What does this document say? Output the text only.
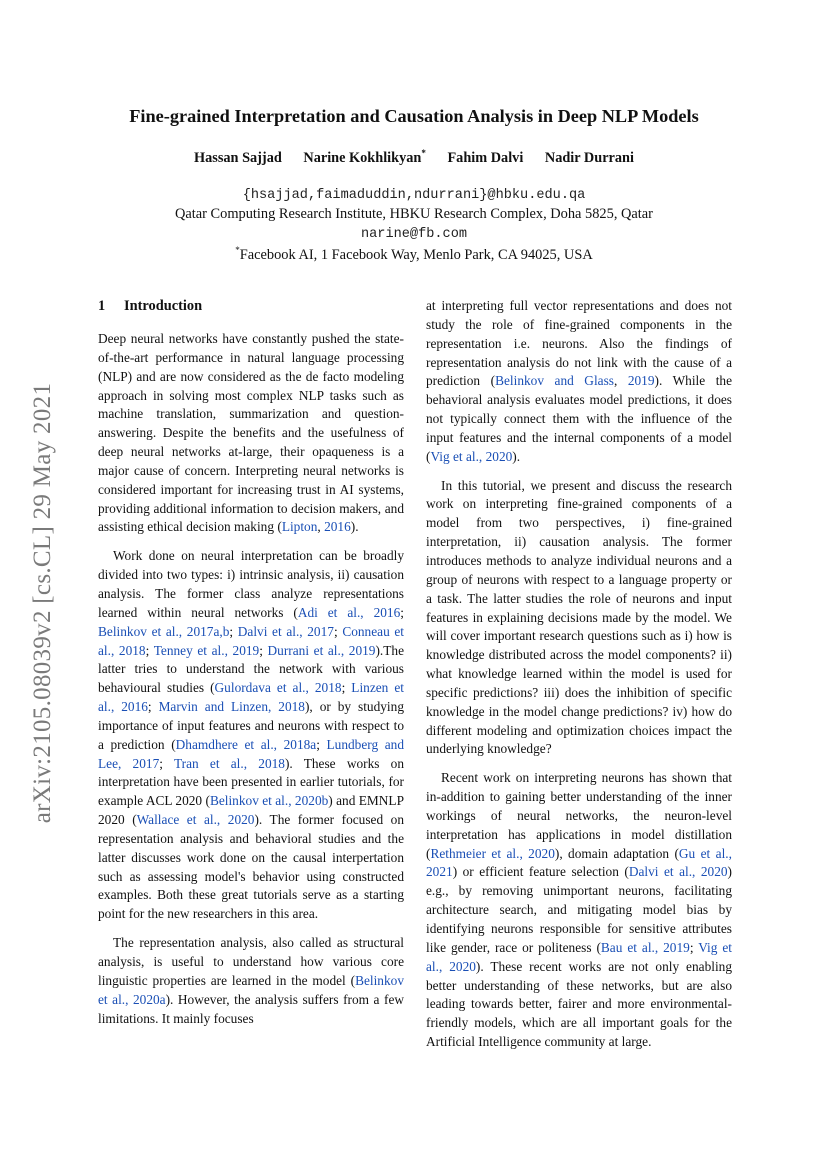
arXiv:2105.08039v2 [cs.CL] 29 May 2021
Fine-grained Interpretation and Causation Analysis in Deep NLP Models
Hassan Sajjad Narine Kokhlikyan* Fahim Dalvi Nadir Durrani
{hsajjad,faimaduddin,ndurrani}@hbku.edu.qa
Qatar Computing Research Institute, HBKU Research Complex, Doha 5825, Qatar
narine@fb.com
*Facebook AI, 1 Facebook Way, Menlo Park, CA 94025, USA
1 Introduction

Deep neural networks have constantly pushed the state-of-the-art performance in natural language processing (NLP) and are now considered as the de facto modeling approach in solving most complex NLP tasks such as machine translation, summarization and question-answering. Despite the benefits and the usefulness of deep neural networks at-large, their opaqueness is a major cause of concern. Interpreting neural networks is considered important for increasing trust in AI systems, providing additional information to decision makers, and assisting ethical decision making (Lipton, 2016).

Work done on neural interpretation can be broadly divided into two types: i) intrinsic analysis, ii) causation analysis. The former class analyze representations learned within neural networks (Adi et al., 2016; Belinkov et al., 2017a,b; Dalvi et al., 2017; Conneau et al., 2018; Tenney et al., 2019; Durrani et al., 2019).The latter tries to understand the network with various behavioural studies (Gulordava et al., 2018; Linzen et al., 2016; Marvin and Linzen, 2018), or by studying importance of input features and neurons with respect to a prediction (Dhamdhere et al., 2018a; Lundberg and Lee, 2017; Tran et al., 2018). These works on interpretation have been presented in earlier tutorials, for example ACL 2020 (Belinkov et al., 2020b) and EMNLP 2020 (Wallace et al., 2020). The former focused on representation analysis and behavioral studies and the latter discusses work done on the causal interpertation such as assessing model's behavior using constructed examples. Both these great tutorials serve as a starting point for the new researchers in this area.

The representation analysis, also called as structural analysis, is useful to understand how various core linguistic properties are learned in the model (Belinkov et al., 2020a). However, the analysis suffers from a few limitations. It mainly focuses

at interpreting full vector representations and does not study the role of fine-grained components in the representation i.e. neurons. Also the findings of representation analysis do not link with the cause of a prediction (Belinkov and Glass, 2019). While the behavioral analysis evaluates model predictions, it does not typically connect them with the influence of the input features and the internal components of a model (Vig et al., 2020).

In this tutorial, we present and discuss the research work on interpreting fine-grained components of a model from two perspectives, i) fine-grained interpretation, ii) causation analysis. The former introduces methods to analyze individual neurons and a group of neurons with respect to a language property or a task. The latter studies the role of neurons and input features in explaining decisions made by the model. We will cover important research questions such as i) how is knowledge distributed across the model components? ii) what knowledge learned within the model is used for specific predictions? iii) does the inhibition of specific knowledge in the model change predictions? iv) how do different modeling and optimization choices impact the underlying knowledge?

Recent work on interpreting neurons has shown that in-addition to gaining better understanding of the inner workings of neural networks, the neuron-level interpretation has applications in model distillation (Rethmeier et al., 2020), domain adaptation (Gu et al., 2021) or efficient feature selection (Dalvi et al., 2020) e.g., by removing unimportant neurons, facilitating architecture search, and mitigating model bias by identifying neurons responsible for sensitive attributes like gender, race or politeness (Bau et al., 2019; Vig et al., 2020). These recent works are not only enabling better understanding of these networks, but are also leading towards better, fairer and more environmental-friendly models, which are all important goals for the Artificial Intelligence community at large.
